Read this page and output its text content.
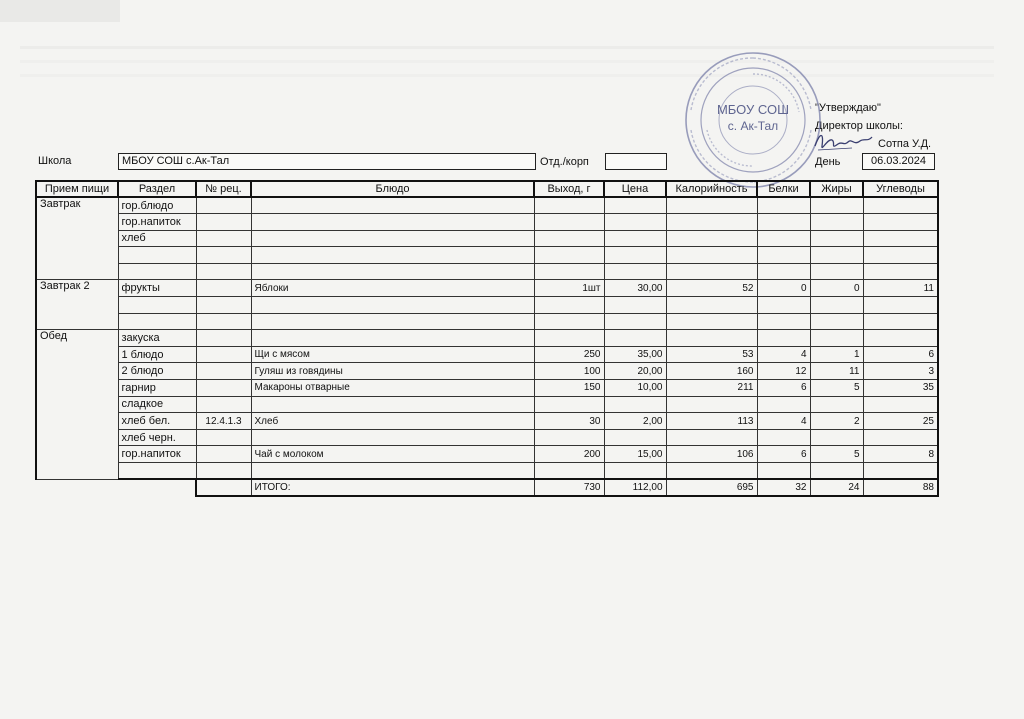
Школа	МБОУ СОШ с.Ак-Тал	Отд./корп	День	06.03.2024
"Утверждаю"
Директор школы:
Сотпа У.Д.
МБОУ СОШ
с. Ак-Тал
Прием пищи	Раздел	№ рец.	Блюдо	Выход, г	Цена	Калорийность	Белки	Жиры	Углеводы
Завтрак	гор.блюдо								
	гор.напиток								
	хлеб								

Завтрак 2	фрукты		Яблоки	1шт	30,00	52	0	0	11

Обед	закуска								
	1 блюдо		Щи с мясом	250	35,00	53	4	1	6
	2 блюдо		Гуляш из говядины	100	20,00	160	12	11	3
	гарнир		Макароны отварные	150	10,00	211	6	5	35
	сладкое								
	хлеб бел.	12.4.1.3	Хлеб	30	2,00	113	4	2	25
	хлеб черн.								
	гор.напиток		Чай с молоком	200	15,00	106	6	5	8

			ИТОГО:	730	112,00	695	32	24	88
